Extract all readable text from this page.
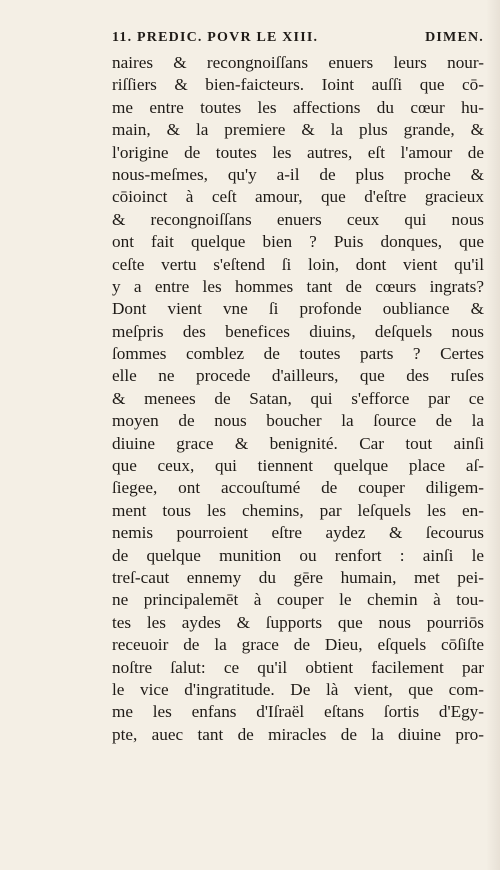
11. PREDIC. POVR LE XIII.	DIMEN.
naires & recongnoiſſans enuers leurs nour-
riſſiers & bien-faicteurs. Ioint auſſi que cō-
me entre toutes les affections du cœur hu-
main, & la premiere & la plus grande, &
l'origine de toutes les autres, eſt l'amour de
nous-meſmes, qu'y a-il de plus proche &
cōioinct à ceſt amour, que d'eſtre gracieux
& recongnoiſſans enuers ceux qui nous
ont fait quelque bien ? Puis donques, que
ceſte vertu s'eſtend ſi loin, dont vient qu'il
y a entre les hommes tant de cœurs ingrats?
Dont vient vne ſi profonde oubliance &
meſpris des benefices diuins, deſquels nous
ſommes comblez de toutes parts ? Certes
elle ne procede d'ailleurs, que des ruſes
& menees de Satan, qui s'efforce par ce
moyen de nous boucher la ſource de la
diuine grace & benignité. Car tout ainſi
que ceux, qui tiennent quelque place aſ-
ſiegee, ont accouſtumé de couper diligem-
ment tous les chemins, par leſquels les en-
nemis pourroient eſtre aydez & ſecourus
de quelque munition ou renfort : ainſi le
treſ-caut ennemy du gēre humain, met pei-
ne principalemēt à couper le chemin à tou-
tes les aydes & ſupports que nous pourriōs
receuoir de la grace de Dieu, eſquels cōſiſte
noſtre ſalut: ce qu'il obtient facilement par
le vice d'ingratitude. De là vient, que com-
me les enfans d'Iſraël eſtans ſortis d'Egy-
pte, auec tant de miracles de la diuine pro-
